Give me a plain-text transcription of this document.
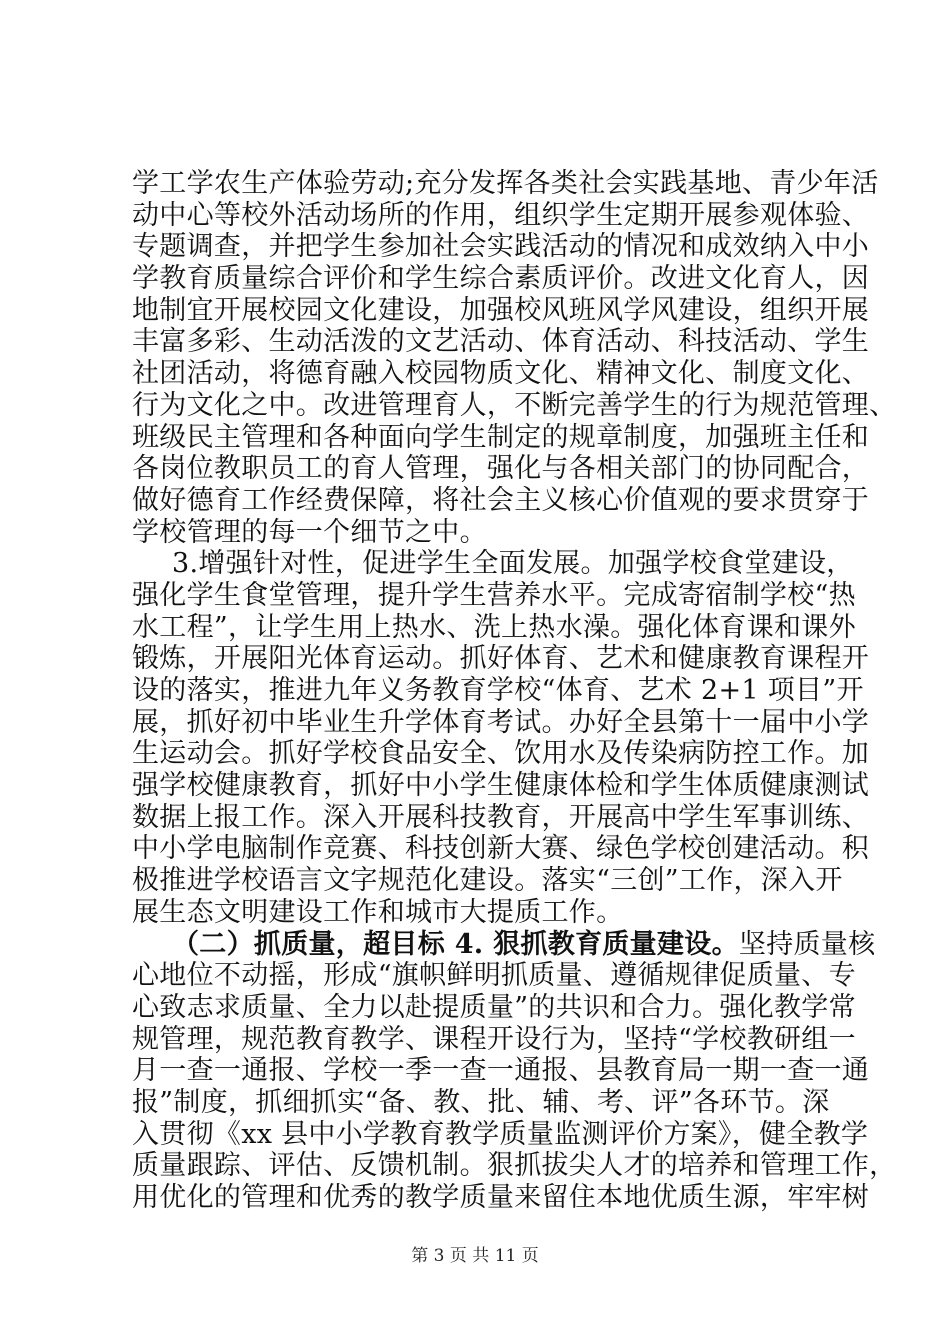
学工学农生产体验劳动;充分发挥各类社会实践基地、青少年活
动中心等校外活动场所的作用，组织学生定期开展参观体验、
专题调查，并把学生参加社会实践活动的情况和成效纳入中小
学教育质量综合评价和学生综合素质评价。改进文化育人，因
地制宜开展校园文化建设，加强校风班风学风建设，组织开展
丰富多彩、生动活泼的文艺活动、体育活动、科技活动、学生
社团活动，将德育融入校园物质文化、精神文化、制度文化、
行为文化之中。改进管理育人，不断完善学生的行为规范管理、
班级民主管理和各种面向学生制定的规章制度，加强班主任和
各岗位教职员工的育人管理，强化与各相关部门的协同配合，
做好德育工作经费保障，将社会主义核心价值观的要求贯穿于
学校管理的每一个细节之中。
3.增强针对性，促进学生全面发展。加强学校食堂建设，
强化学生食堂管理，提升学生营养水平。完成寄宿制学校“热
水工程”，让学生用上热水、洗上热水澡。强化体育课和课外
锻炼，开展阳光体育运动。抓好体育、艺术和健康教育课程开
设的落实，推进九年义务教育学校“体育、艺术 2+1 项目”开
展，抓好初中毕业生升学体育考试。办好全县第十一届中小学
生运动会。抓好学校食品安全、饮用水及传染病防控工作。加
强学校健康教育，抓好中小学生健康体检和学生体质健康测试
数据上报工作。深入开展科技教育，开展高中学生军事训练、
中小学电脑制作竞赛、科技创新大赛、绿色学校创建活动。积
极推进学校语言文字规范化建设。落实“三创”工作，深入开
展生态文明建设工作和城市大提质工作。
（二）抓质量，超目标 4. 狠抓教育质量建设。坚持质量核
心地位不动摇，形成“旗帜鲜明抓质量、遵循规律促质量、专
心致志求质量、全力以赴提质量”的共识和合力。强化教学常
规管理，规范教育教学、课程开设行为，坚持“学校教研组一
月一查一通报、学校一季一查一通报、县教育局一期一查一通
报”制度，抓细抓实“备、教、批、辅、考、评”各环节。深
入贯彻《xx 县中小学教育教学质量监测评价方案》，健全教学
质量跟踪、评估、反馈机制。狠抓拔尖人才的培养和管理工作，
用优化的管理和优秀的教学质量来留住本地优质生源，牢牢树
第 3 页 共 11 页
